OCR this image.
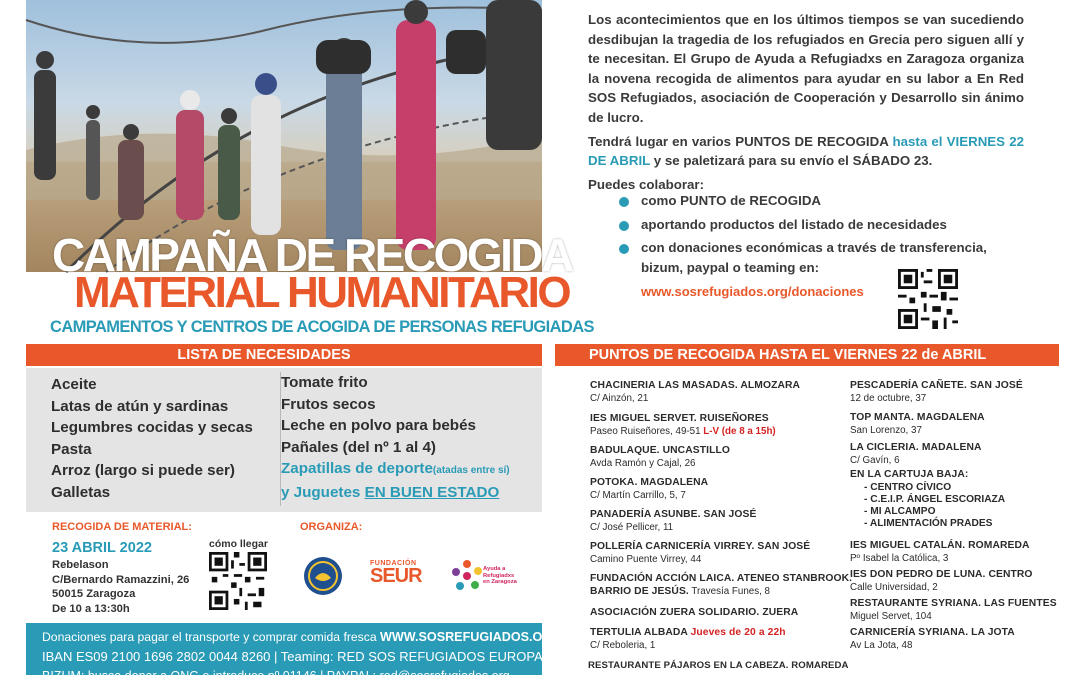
CAMPAÑA DE RECOGIDA
MATERIAL HUMANITARIO
CAMPAMENTOS Y CENTROS DE ACOGIDA DE PERSONAS REFUGIADAS

Los acontecimientos que en los últimos tiempos se van sucediendo desdibujan la tragedia de los refugiados en Grecia pero siguen allí y te necesitan. El Grupo de Ayuda a Refugiadxs en Zaragoza organiza la novena recogida de alimentos para ayudar en su labor a En Red SOS Refugiados, asociación de Cooperación y Desarrollo sin ánimo de lucro.

Tendrá lugar en varios PUNTOS DE RECOGIDA hasta el VIERNES 22 DE ABRIL y se paletizará para su envío el SÁBADO 23.

Puedes colaborar:

como PUNTO de RECOGIDA
aportando productos del listado de necesidades
con donaciones económicas a través de transferencia, bizum, paypal o teaming en:
www.sosrefugiados.org/donaciones
LISTA DE NECESIDADES	PUNTOS DE RECOGIDA HASTA EL VIERNES 22 de ABRIL
Aceite
Latas de atún y sardinas
Legumbres cocidas y secas
Pasta
Arroz (largo si puede ser)
Galletas
Tomate frito
Frutos secos
Leche en polvo para bebés
Pañales (del nº 1 al 4)
Zapatillas de deporte(atadas entre sí)
y Juguetes EN BUEN ESTADO
RECOGIDA DE MATERIAL:
23 ABRIL 2022
Rebelason
C/Bernardo Ramazzini, 26
50015 Zaragoza
De 10 a 13:30h
cómo llegar
ORGANIZA:
FUNDACIÓN
SEUR	Ayuda a
Refugiadxs
en Zaragoza
Donaciones para pagar el transporte y comprar comida fresca WWW.SOSREFUGIADOS.ORG
IBAN ES09 2100 1696 2802 0044 8260 | Teaming: RED SOS REFUGIADOS EUROPA
BIZUM: busca donar a ONG e introduce nº 01146 | PAYPAL: red@sosrefugiados.org
CHACINERIA LAS MASADAS. ALMOZARA
C/ Ainzón, 21
IES MIGUEL SERVET. RUISEÑORES
Paseo Ruiseñores, 49-51 L-V (de 8 a 15h)
BADULAQUE. UNCASTILLO
Avda Ramón y Cajal, 26
POTOKA. MAGDALENA
C/ Martín Carrillo, 5, 7
PANADERÍA ASUNBE. SAN JOSÉ
C/ José Pellicer, 11
POLLERÍA CARNICERÍA VIRREY. SAN JOSÉ
Camino Puente Virrey, 44
FUNDACIÓN ACCIÓN LAICA. ATENEO STANBROOK.
BARRIO DE JESÚS. Travesía Funes, 8
ASOCIACIÓN ZUERA SOLIDARIO. ZUERA
TERTULIA ALBADA Jueves de 20 a 22h
C/ Reboleria, 1
RESTAURANTE PÁJAROS EN LA CABEZA. ROMAREDA
PESCADERÍA CAÑETE. SAN JOSÉ
12 de octubre, 37
TOP MANTA. MAGDALENA
San Lorenzo, 37
LA CICLERIA. MADALENA
C/ Gavín, 6
EN LA CARTUJA BAJA:
- CENTRO CÍVICO
- C.E.I.P. ÁNGEL ESCORIAZA
- MI ALCAMPO
- ALIMENTACIÓN PRADES
IES MIGUEL CATALÁN. ROMAREDA
Pº Isabel la Católica, 3
IES DON PEDRO DE LUNA. CENTRO
Calle Universidad, 2
RESTAURANTE SYRIANA. LAS FUENTES
Miguel Servet, 104
CARNICERÍA SYRIANA. LA JOTA
Av La Jota, 48
